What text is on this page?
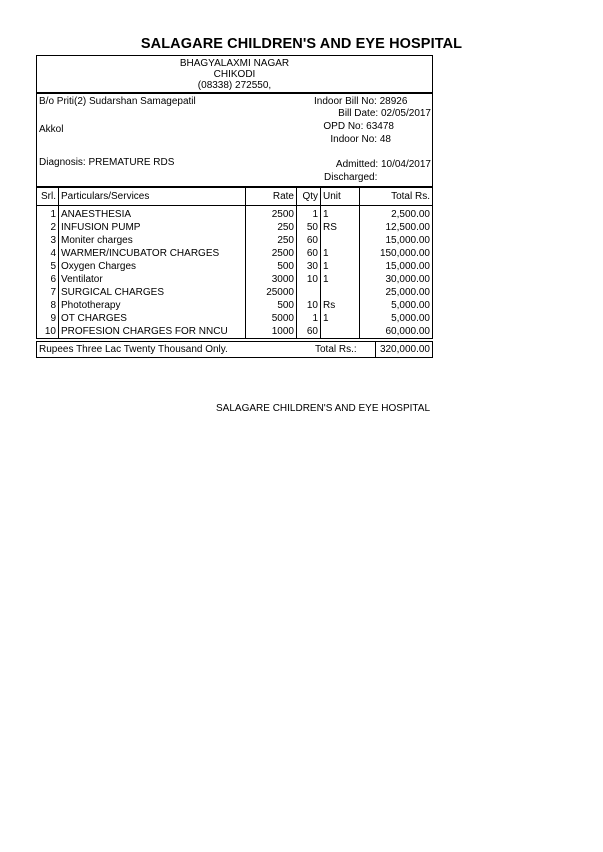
SALAGARE CHILDREN'S AND EYE HOSPITAL
BHAGYALAXMI NAGAR
CHIKODI
(08338) 272550,
B/o Priti(2) Sudarshan Samagepatil
Akkol
Diagnosis: PREMATURE RDS
Indoor Bill No: 28926
Bill Date: 02/05/2017
OPD No: 63478
Indoor No: 48
Admitted: 10/04/2017
Discharged:
Srl.	Particulars/Services	Rate	Qty	Unit	Total Rs.
1	ANAESTHESIA	2500	1	1	2,500.00
2	INFUSION PUMP	250	50	RS	12,500.00
3	Moniter charges	250	60		15,000.00
4	WARMER/INCUBATOR CHARGES	2500	60	1	150,000.00
5	Oxygen Charges	500	30	1	15,000.00
6	Ventilator	3000	10	1	30,000.00
7	SURGICAL CHARGES	25000			25,000.00
8	Phototherapy	500	10	Rs	5,000.00
9	OT CHARGES	5000	1	1	5,000.00
10	PROFESION CHARGES FOR NNCU	1000	60		60,000.00
Rupees Three Lac Twenty Thousand Only.	Total Rs.: 320,000.00
SALAGARE CHILDREN'S AND EYE HOSPITAL
